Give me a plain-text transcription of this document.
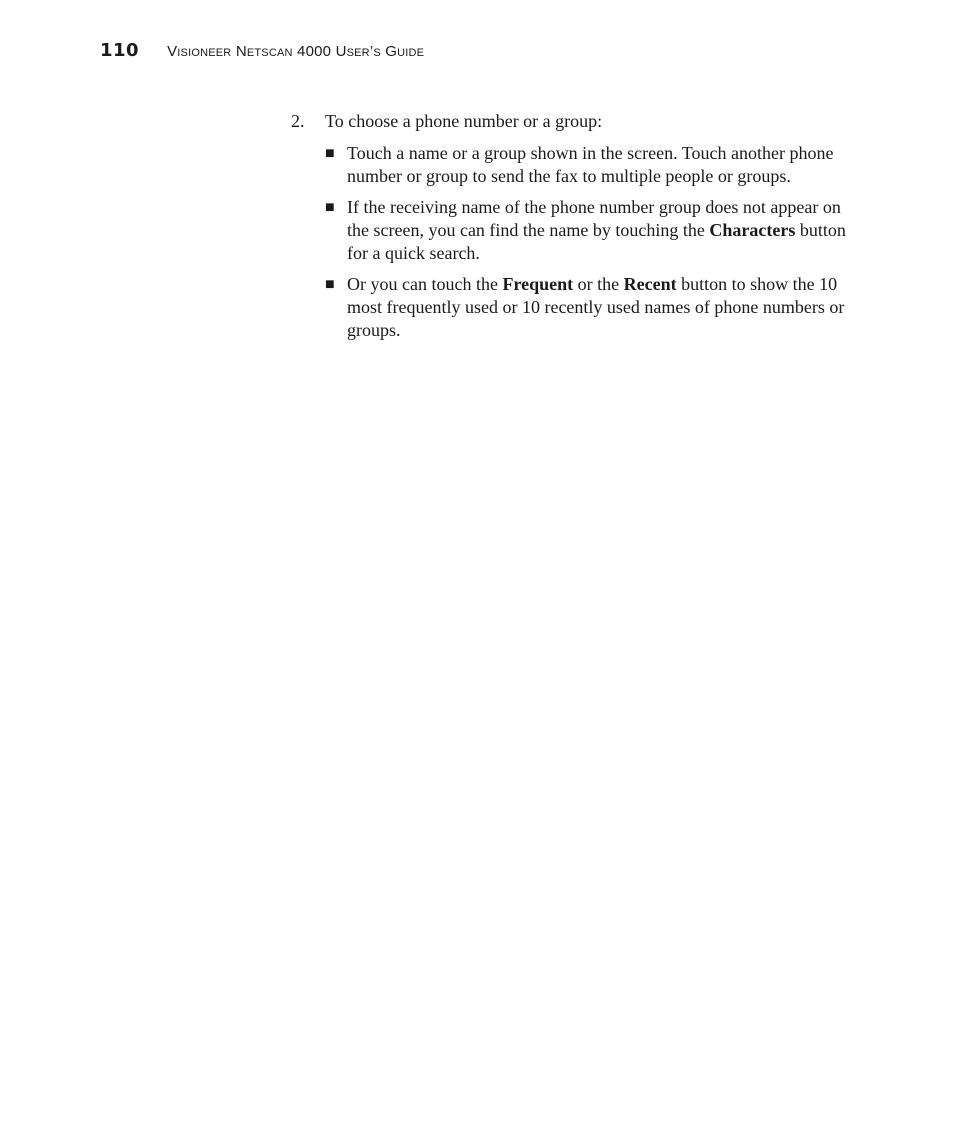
110 Visioneer Netscan 4000 User’s Guide
2.	To choose a phone number or a group:
■ Touch a name or a group shown in the screen. Touch another phone number or group to send the fax to multiple people or groups.
■ If the receiving name of the phone number group does not appear on the screen, you can find the name by touching the Characters button for a quick search.
■ Or you can touch the Frequent or the Recent button to show the 10 most frequently used or 10 recently used names of phone numbers or groups.
